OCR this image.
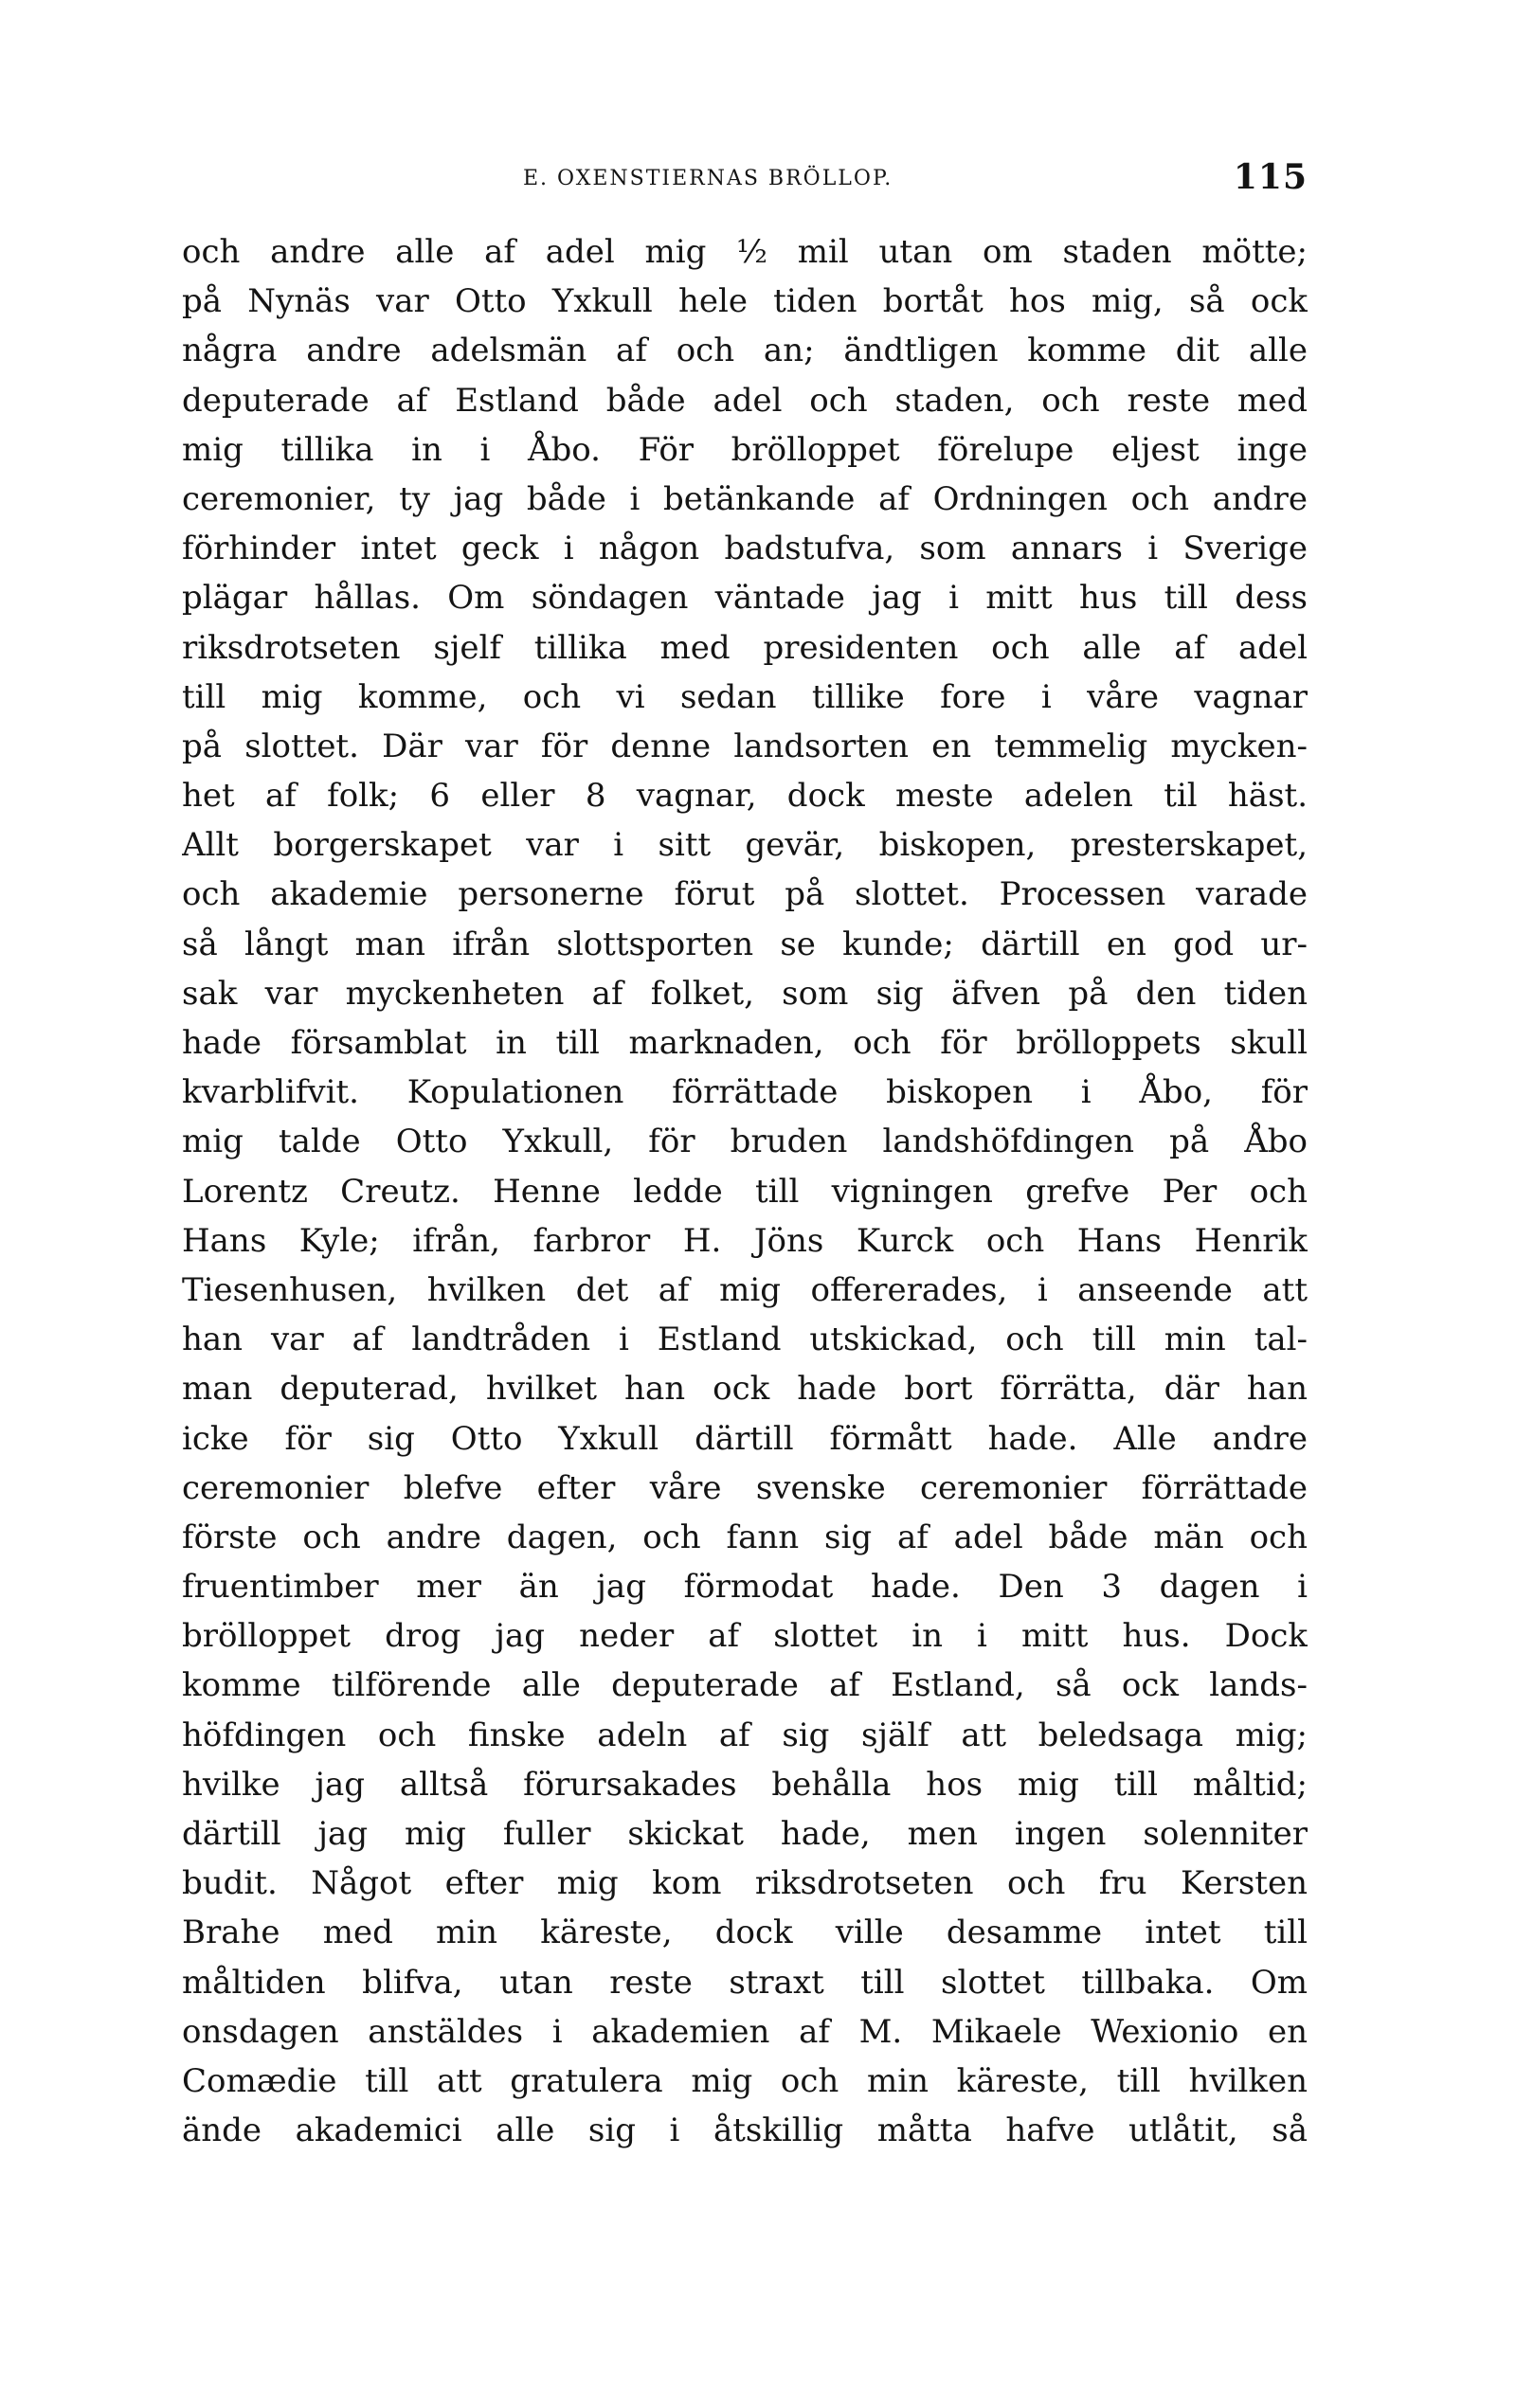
E. OXENSTIERNAS BRÖLLOP.	115
och andre alle af adel mig ½ mil utan om staden mötte;
på Nynäs var Otto Yxkull hele tiden bortåt hos mig, så ock
några andre adelsmän af och an; ändtligen komme dit alle
deputerade af Estland både adel och staden, och reste med
mig tillika in i Åbo. För brölloppet förelupe eljest inge
ceremonier, ty jag både i betänkande af Ordningen och andre
förhinder intet geck i någon badstufva, som annars i Sverige
plägar hållas. Om söndagen väntade jag i mitt hus till dess
riksdrotseten sjelf tillika med presidenten och alle af adel
till mig komme, och vi sedan tillike fore i våre vagnar
på slottet. Där var för denne landsorten en temmelig mycken-
het af folk; 6 eller 8 vagnar, dock meste adelen til häst.
Allt borgerskapet var i sitt gevär, biskopen, presterskapet,
och akademie personerne förut på slottet. Processen varade
så långt man ifrån slottsporten se kunde; därtill en god ur-
sak var myckenheten af folket, som sig äfven på den tiden
hade församblat in till marknaden, och för brölloppets skull
kvarblifvit. Kopulationen förrättade biskopen i Åbo, för
mig talde Otto Yxkull, för bruden landshöfdingen på Åbo
Lorentz Creutz. Henne ledde till vigningen grefve Per och
Hans Kyle; ifrån, farbror H. Jöns Kurck och Hans Henrik
Tiesenhusen, hvilken det af mig offererades, i anseende att
han var af landtråden i Estland utskickad, och till min tal-
man deputerad, hvilket han ock hade bort förrätta, där han
icke för sig Otto Yxkull därtill förmått hade. Alle andre
ceremonier blefve efter våre svenske ceremonier förrättade
förste och andre dagen, och fann sig af adel både män och
fruentimber mer än jag förmodat hade. Den 3 dagen i
brölloppet drog jag neder af slottet in i mitt hus. Dock
komme tilförende alle deputerade af Estland, så ock lands-
höfdingen och finske adeln af sig själf att beledsaga mig;
hvilke jag alltså förursakades behålla hos mig till måltid;
därtill jag mig fuller skickat hade, men ingen solenniter
budit. Något efter mig kom riksdrotseten och fru Kersten
Brahe med min käreste, dock ville desamme intet till
måltiden blifva, utan reste straxt till slottet tillbaka. Om
onsdagen anstäldes i akademien af M. Mikaele Wexionio en
Comædie till att gratulera mig och min käreste, till hvilken
ände akademici alle sig i åtskillig måtta hafve utlåtit, så
